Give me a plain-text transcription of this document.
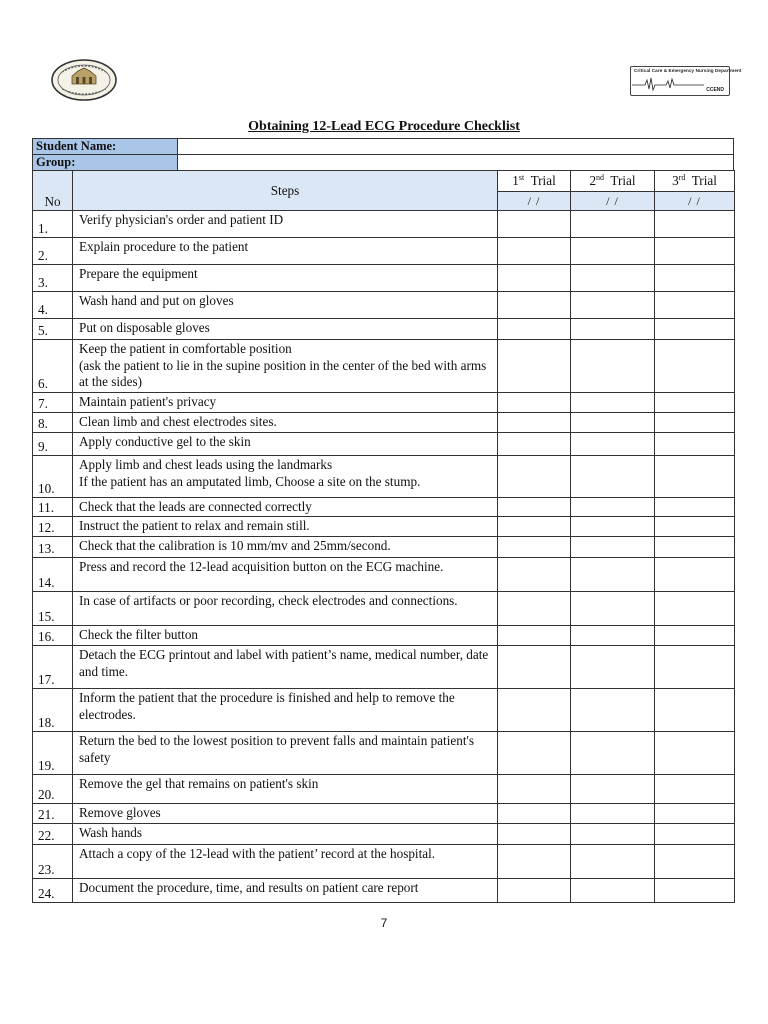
Critical Care & Emergency Nursing Department
CCEND
Obtaining 12-Lead ECG Procedure Checklist
Student Name:	
Group:	
No	Steps	1st Trial	2nd Trial	3rd Trial
		/ /	/ /	/ /
1.	Verify physician's order and patient ID			
2.	Explain procedure to the patient			
3.	Prepare the equipment			
4.	Wash hand and put on gloves			
5.	Put on disposable gloves			
6.	Keep the patient in comfortable position
(ask the patient to lie in the supine position in the center of the bed with arms at the sides)			
7.	Maintain patient's privacy			
8.	Clean limb and chest electrodes sites.			
9.	Apply conductive gel to the skin			
10.	Apply limb and chest leads using the landmarks
If the patient has an amputated limb, Choose a site on the stump.			
11.	Check that the leads are connected correctly			
12.	Instruct the patient to relax and remain still.			
13.	Check that the calibration is 10 mm/mv and 25mm/second.			
14.	Press and record the 12-lead acquisition button on the ECG machine.			
15.	In case of artifacts or poor recording, check electrodes and connections.			
16.	Check the filter button			
17.	Detach the ECG printout and label with patient’s name, medical number, date and time.			
18.	Inform the patient that the procedure is finished and help to remove the electrodes.			
19.	Return the bed to the lowest position to prevent falls and maintain patient's safety			
20.	Remove the gel that remains on patient's skin			
21.	Remove gloves			
22.	Wash hands			
23.	Attach a copy of the 12-lead with the patient’ record at the hospital.			
24.	Document the procedure, time, and results on patient care report			
7
